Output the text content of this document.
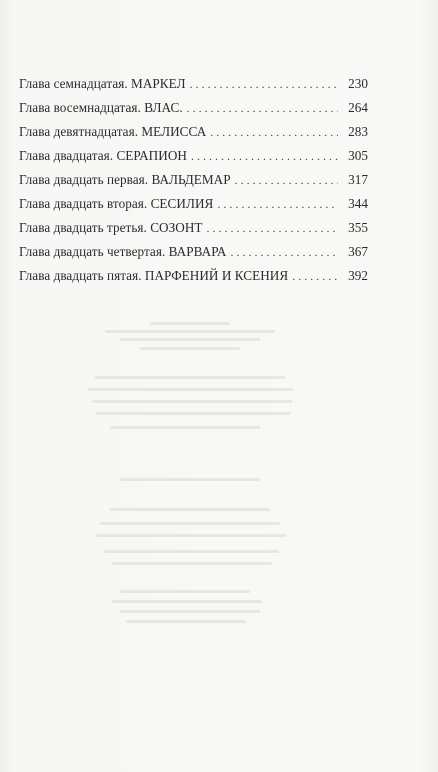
Глава семнадцатая. МАРКЕЛ . . .	230
Глава восемнадцатая. ВЛАС. . . .	264
Глава девятнадцатая. МЕЛИССА . . .	283
Глава двадцатая. СЕРАПИОН . . .	305
Глава двадцать первая. ВАЛЬДЕМАР . . .	317
Глава двадцать вторая. СЕСИЛИЯ . . .	344
Глава двадцать третья. СОЗОНТ . . .	355
Глава двадцать четвертая. ВАРВАРА . . .	367
Глава двадцать пятая. ПАРФЕНИЙ И КСЕНИЯ . . .	392
